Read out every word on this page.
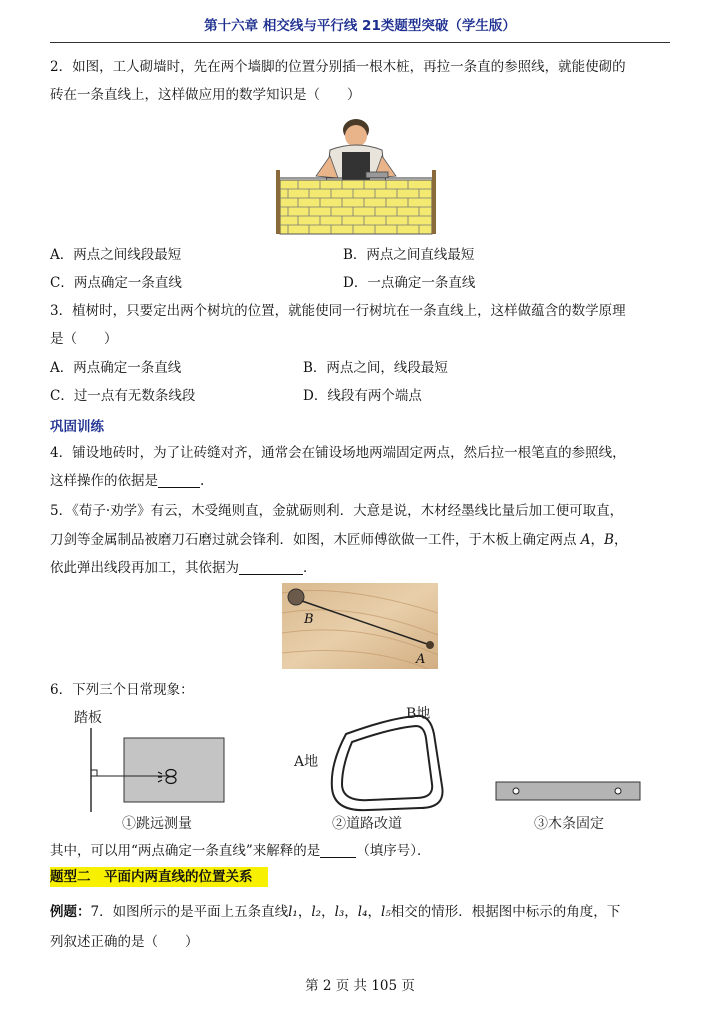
第十六章 相交线与平行线 21类题型突破（学生版）
2．如图，工人砌墙时，先在两个墙脚的位置分别插一根木桩，再拉一条直的参照线，就能使砌的
砖在一条直线上，这样做应用的数学知识是（　　）
A．两点之间线段最短	B．两点之间直线最短
C．两点确定一条直线	D．一点确定一条直线
3．植树时，只要定出两个树坑的位置，就能使同一行树坑在一条直线上，这样做蕴含的数学原理
是（　　）
A．两点确定一条直线	B．两点之间，线段最短
C．过一点有无数条线段	D．线段有两个端点
巩固训练
4．铺设地砖时，为了让砖缝对齐，通常会在铺设场地两端固定两点，然后拉一根笔直的参照线，
这样操作的依据是	.
5．《荀子·劝学》有云，木受绳则直，金就砺则利．大意是说，木材经墨线比量后加工便可取直，
刀剑等金属制品被磨刀石磨过就会锋利．如图，木匠师傅欲做一工件，于木板上确定两点 A，B，
依此弹出线段再加工，其依据为	．
B
A
6．下列三个日常现象：
踏板
①跳远测量
A地
B地
②道路改道	③木条固定
其中，可以用“两点确定一条直线”来解释的是	（填序号）．
题型二　平面内两直线的位置关系
例题：7．如图所示的是平面上五条直线l₁，l₂，l₃，l₄，l₅相交的情形．根据图中标示的角度，下
列叙述正确的是（　　）
第 2 页 共 105 页
